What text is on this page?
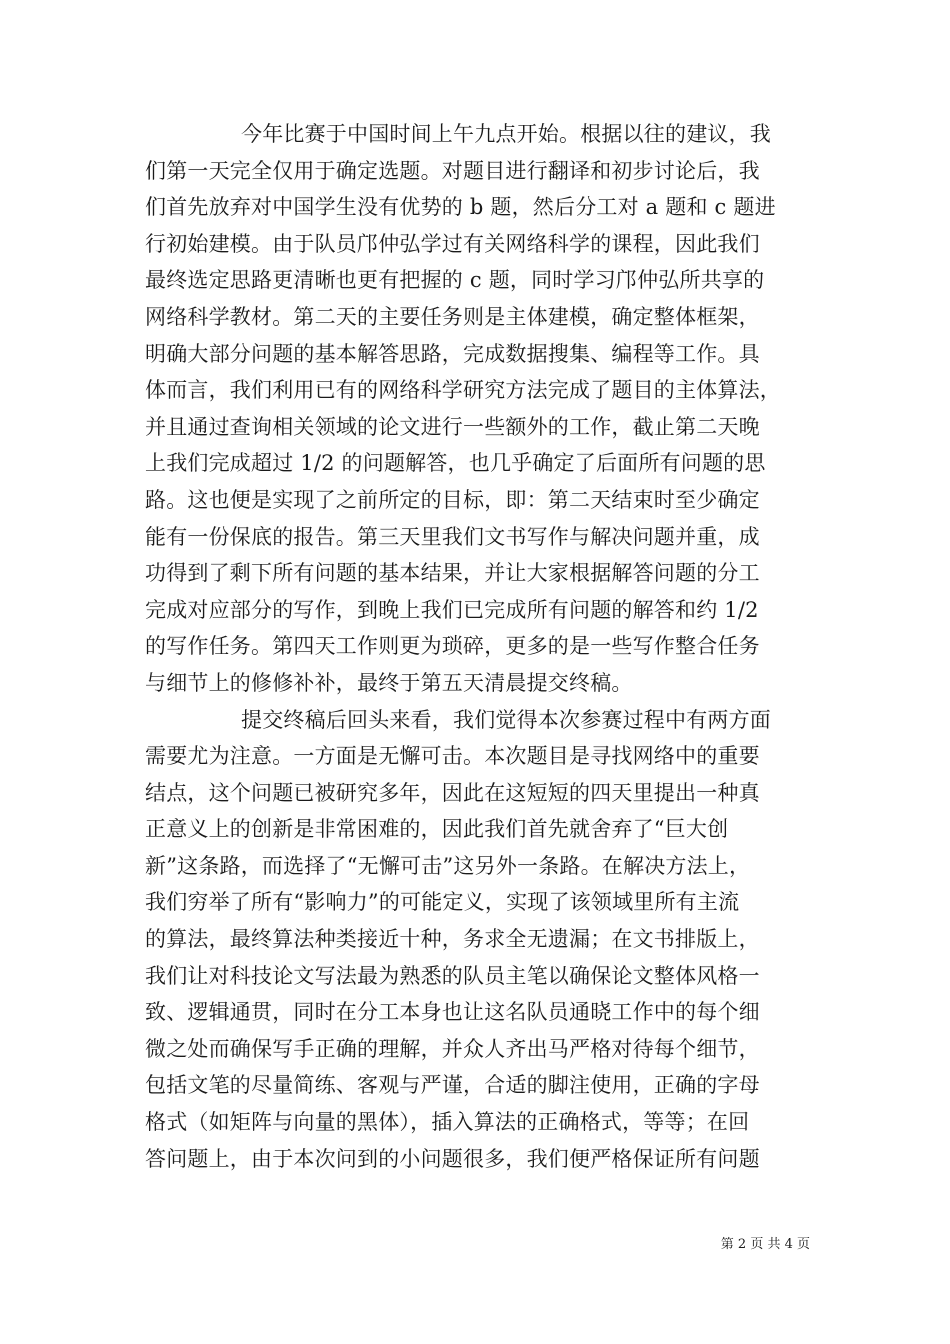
今年比赛于中国时间上午九点开始。根据以往的建议，我
们第一天完全仅用于确定选题。对题目进行翻译和初步讨论后，我
们首先放弃对中国学生没有优势的 b 题，然后分工对 a 题和 c 题进
行初始建模。由于队员邝仲弘学过有关网络科学的课程，因此我们
最终选定思路更清晰也更有把握的 c 题，同时学习邝仲弘所共享的
网络科学教材。第二天的主要任务则是主体建模，确定整体框架，
明确大部分问题的基本解答思路，完成数据搜集、编程等工作。具
体而言，我们利用已有的网络科学研究方法完成了题目的主体算法，
并且通过查询相关领域的论文进行一些额外的工作，截止第二天晚
上我们完成超过 1/2 的问题解答，也几乎确定了后面所有问题的思
路。这也便是实现了之前所定的目标，即：第二天结束时至少确定
能有一份保底的报告。第三天里我们文书写作与解决问题并重，成
功得到了剩下所有问题的基本结果，并让大家根据解答问题的分工
完成对应部分的写作，到晚上我们已完成所有问题的解答和约 1/2
的写作任务。第四天工作则更为琐碎，更多的是一些写作整合任务
与细节上的修修补补，最终于第五天清晨提交终稿。
提交终稿后回头来看，我们觉得本次参赛过程中有两方面
需要尤为注意。一方面是无懈可击。本次题目是寻找网络中的重要
结点，这个问题已被研究多年，因此在这短短的四天里提出一种真
正意义上的创新是非常困难的，因此我们首先就舍弃了“巨大创
新”这条路，而选择了“无懈可击”这另外一条路。在解决方法上，
我们穷举了所有“影响力”的可能定义，实现了该领域里所有主流
的算法，最终算法种类接近十种，务求全无遗漏；在文书排版上，
我们让对科技论文写法最为熟悉的队员主笔以确保论文整体风格一
致、逻辑通贯，同时在分工本身也让这名队员通晓工作中的每个细
微之处而确保写手正确的理解，并众人齐出马严格对待每个细节，
包括文笔的尽量简练、客观与严谨，合适的脚注使用，正确的字母
格式（如矩阵与向量的黑体），插入算法的正确格式，等等；在回
答问题上，由于本次问到的小问题很多，我们便严格保证所有问题
第 2 页 共 4 页
